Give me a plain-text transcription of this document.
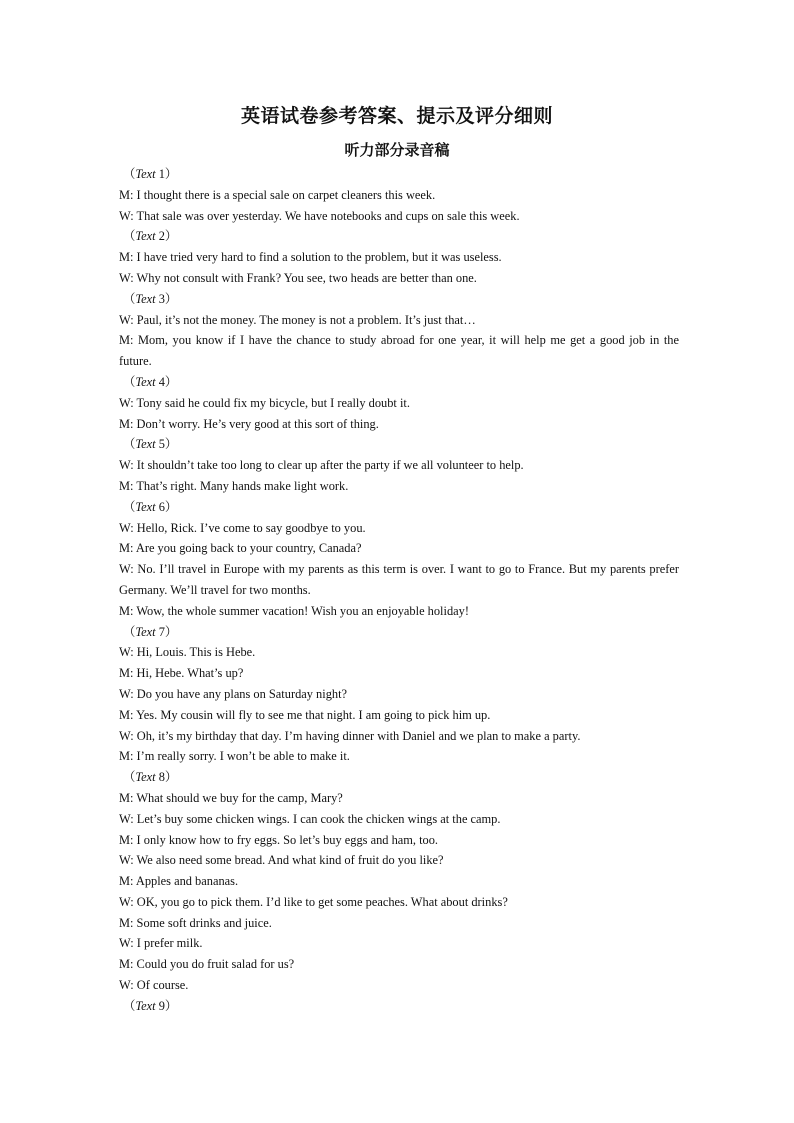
英语试卷参考答案、提示及评分细则
听力部分录音稿
（Text 1）
M: I thought there is a special sale on carpet cleaners this week.
W: That sale was over yesterday. We have notebooks and cups on sale this week.
（Text 2）
M: I have tried very hard to find a solution to the problem, but it was useless.
W: Why not consult with Frank? You see, two heads are better than one.
（Text 3）
W: Paul, it’s not the money. The money is not a problem. It’s just that…
M: Mom, you know if I have the chance to study abroad for one year, it will help me get a good job in the future.
（Text 4）
W: Tony said he could fix my bicycle, but I really doubt it.
M: Don’t worry. He’s very good at this sort of thing.
（Text 5）
W: It shouldn’t take too long to clear up after the party if we all volunteer to help.
M: That’s right. Many hands make light work.
（Text 6）
W: Hello, Rick. I’ve come to say goodbye to you.
M: Are you going back to your country, Canada?
W: No. I’ll travel in Europe with my parents as this term is over. I want to go to France. But my parents prefer Germany. We’ll travel for two months.
M: Wow, the whole summer vacation! Wish you an enjoyable holiday!
（Text 7）
W: Hi, Louis. This is Hebe.
M: Hi, Hebe. What’s up?
W: Do you have any plans on Saturday night?
M: Yes. My cousin will fly to see me that night. I am going to pick him up.
W: Oh, it’s my birthday that day. I’m having dinner with Daniel and we plan to make a party.
M: I’m really sorry. I won’t be able to make it.
（Text 8）
M: What should we buy for the camp, Mary?
W: Let’s buy some chicken wings. I can cook the chicken wings at the camp.
M: I only know how to fry eggs. So let’s buy eggs and ham, too.
W: We also need some bread. And what kind of fruit do you like?
M: Apples and bananas.
W: OK, you go to pick them. I’d like to get some peaches. What about drinks?
M: Some soft drinks and juice.
W: I prefer milk.
M: Could you do fruit salad for us?
W: Of course.
（Text 9）
